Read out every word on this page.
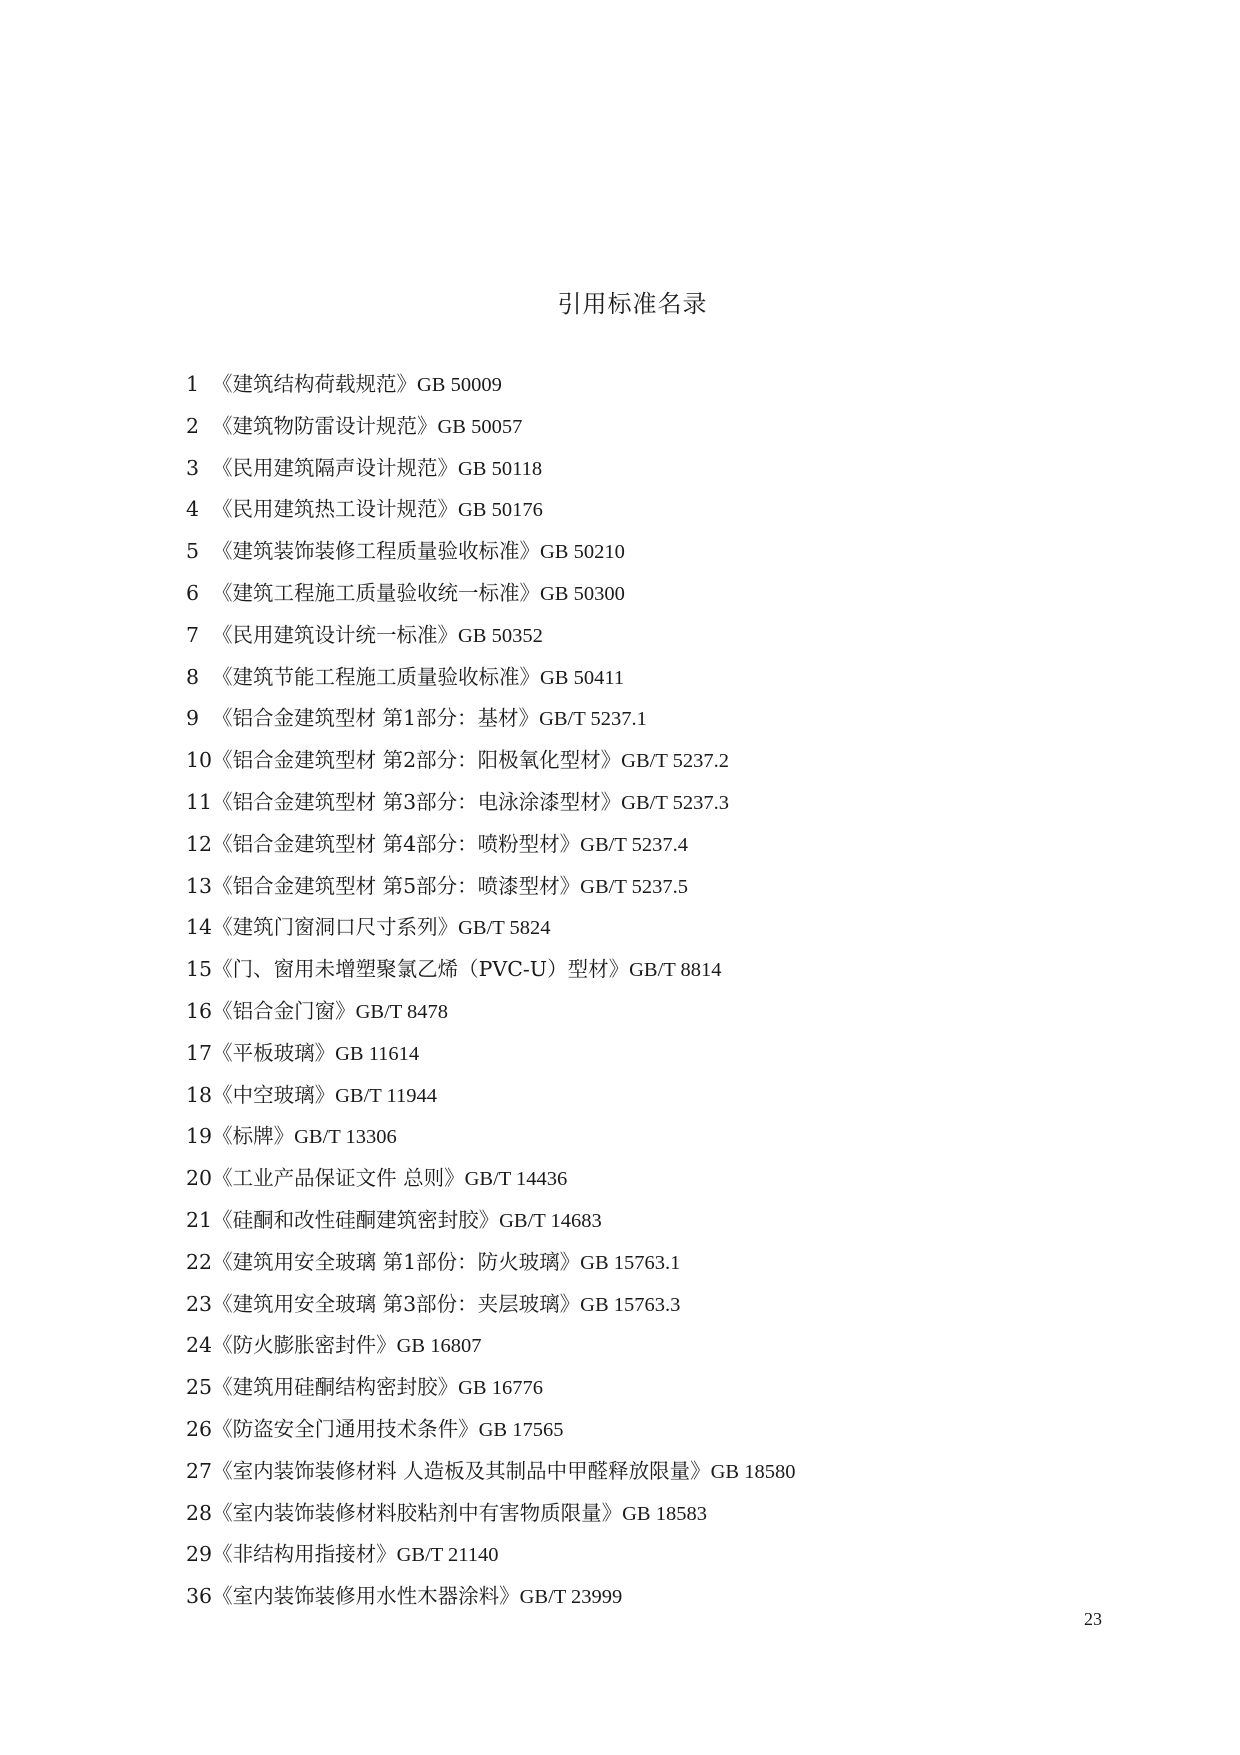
引用标准名录
1 《建筑结构荷载规范》GB 50009
2 《建筑物防雷设计规范》GB 50057
3 《民用建筑隔声设计规范》GB 50118
4 《民用建筑热工设计规范》GB 50176
5 《建筑装饰装修工程质量验收标准》GB 50210
6 《建筑工程施工质量验收统一标准》GB 50300
7 《民用建筑设计统一标准》GB 50352
8 《建筑节能工程施工质量验收标准》GB 50411
9 《铝合金建筑型材 第1部分：基材》GB/T 5237.1
10《铝合金建筑型材 第2部分：阳极氧化型材》GB/T 5237.2
11《铝合金建筑型材 第3部分：电泳涂漆型材》GB/T 5237.3
12《铝合金建筑型材 第4部分：喷粉型材》GB/T 5237.4
13《铝合金建筑型材 第5部分：喷漆型材》GB/T 5237.5
14《建筑门窗洞口尺寸系列》GB/T 5824
15《门、窗用未增塑聚氯乙烯（PVC-U）型材》GB/T 8814
16《铝合金门窗》GB/T 8478
17《平板玻璃》GB 11614
18《中空玻璃》GB/T 11944
19《标牌》GB/T 13306
20《工业产品保证文件 总则》GB/T 14436
21《硅酮和改性硅酮建筑密封胶》GB/T 14683
22《建筑用安全玻璃 第1部份：防火玻璃》GB 15763.1
23《建筑用安全玻璃 第3部份：夹层玻璃》GB 15763.3
24《防火膨胀密封件》GB 16807
25《建筑用硅酮结构密封胶》GB 16776
26《防盗安全门通用技术条件》GB 17565
27《室内装饰装修材料 人造板及其制品中甲醛释放限量》GB 18580
28《室内装饰装修材料胶粘剂中有害物质限量》GB 18583
29《非结构用指接材》GB/T 21140
36《室内装饰装修用水性木器涂料》GB/T 23999
23
